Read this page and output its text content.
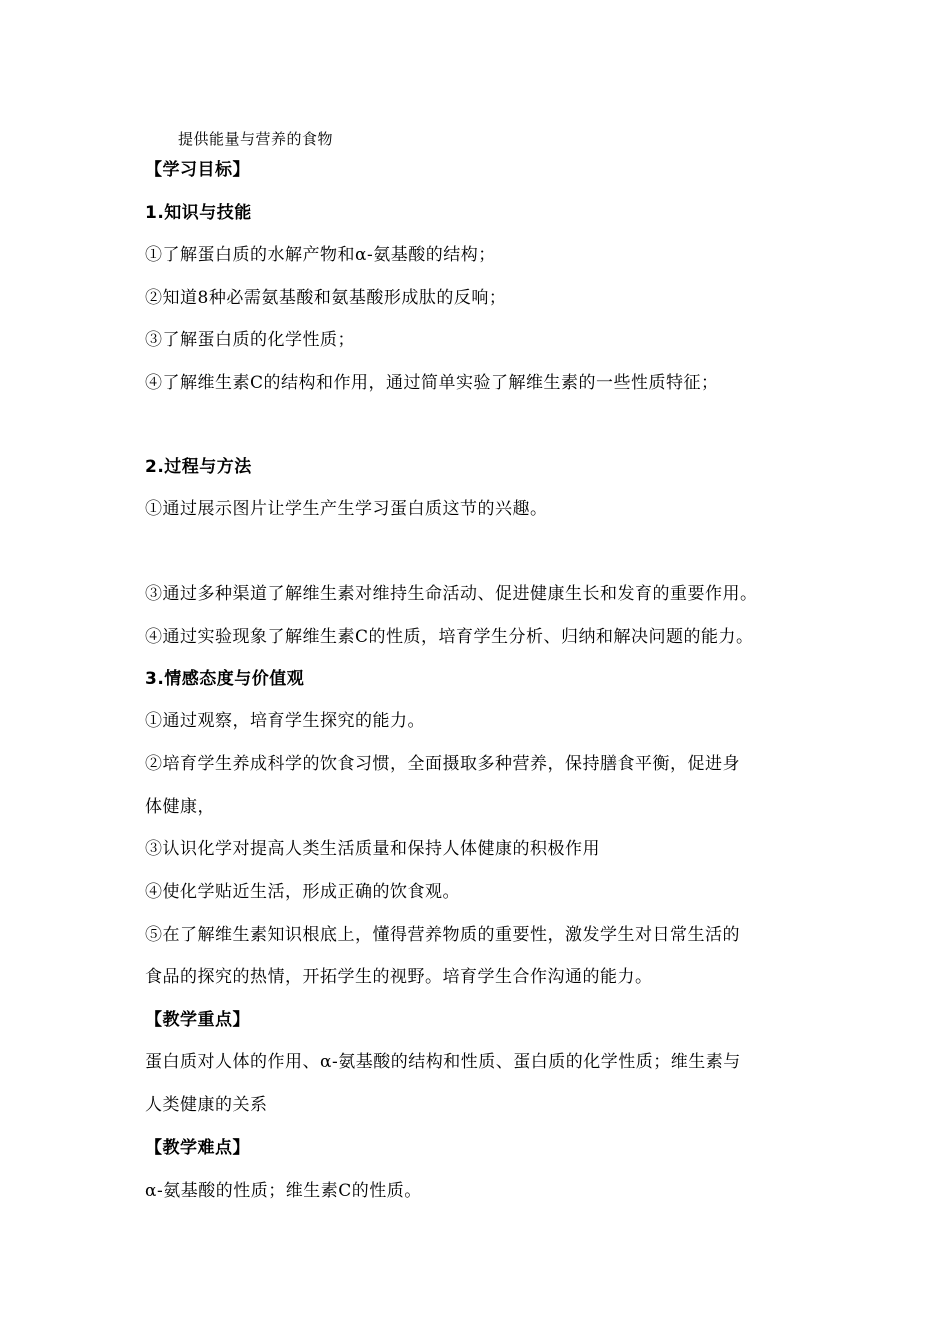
提供能量与营养的食物
【学习目标】
1.知识与技能
①了解蛋白质的水解产物和α-氨基酸的结构；
②知道8种必需氨基酸和氨基酸形成肽的反响；
③了解蛋白质的化学性质；
④了解维生素C的结构和作用，通过简单实验了解维生素的一些性质特征；
2.过程与方法
①通过展示图片让学生产生学习蛋白质这节的兴趣。
③通过多种渠道了解维生素对维持生命活动、促进健康生长和发育的重要作用。
④通过实验现象了解维生素C的性质，培育学生分析、归纳和解决问题的能力。
3.情感态度与价值观
①通过观察，培育学生探究的能力。
②培育学生养成科学的饮食习惯，全面摄取多种营养，保持膳食平衡，促进身
体健康，
③认识化学对提高人类生活质量和保持人体健康的积极作用
④使化学贴近生活，形成正确的饮食观。
⑤在了解维生素知识根底上，懂得营养物质的重要性，激发学生对日常生活的
食品的探究的热情，开拓学生的视野。培育学生合作沟通的能力。
【教学重点】
蛋白质对人体的作用、α-氨基酸的结构和性质、蛋白质的化学性质；维生素与
人类健康的关系
【教学难点】
α-氨基酸的性质；维生素C的性质。
